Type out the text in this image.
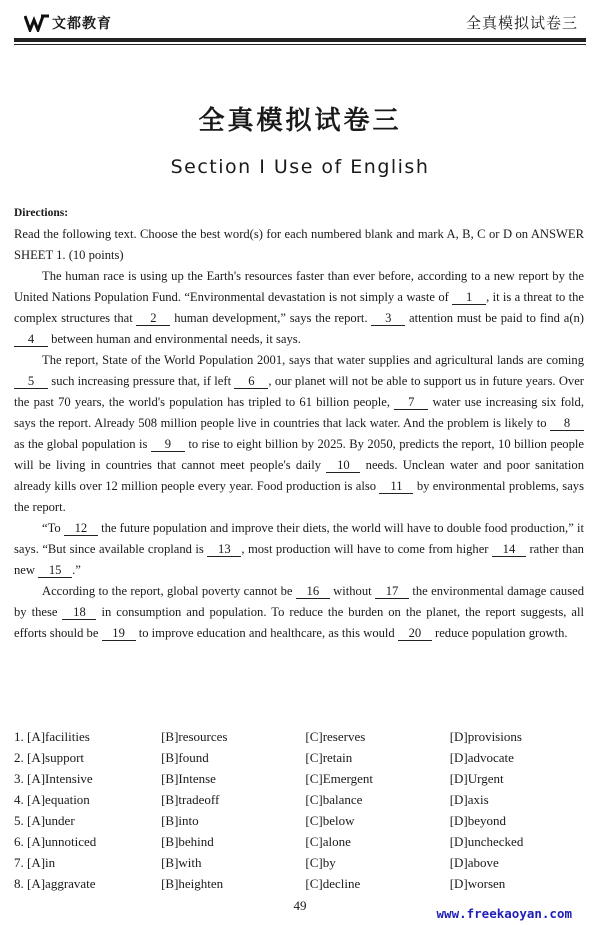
文都教育	全真模拟试卷三
全真模拟试卷三
Section I Use of English

Directions:

Read the following text. Choose the best word(s) for each numbered blank and mark A, B, C or D on ANSWER SHEET 1. (10 points)

The human race is using up the Earth's resources faster than ever before, according to a new report by the United Nations Population Fund. “Environmental devastation is not simply a waste of 1 , it is a threat to the complex structures that 2 human development,” says the report. 3 attention must be paid to find a(n) 4 between human and environmental needs, it says.

The report, State of the World Population 2001, says that water supplies and agricultural lands are coming 5 such increasing pressure that, if left 6 , our planet will not be able to support us in future years. Over the past 70 years, the world's population has tripled to 61 billion people, 7 water use increasing six fold, says the report. Already 508 million people live in countries that lack water. And the problem is likely to 8 as the global population is 9 to rise to eight billion by 2025. By 2050, predicts the report, 10 billion people will be living in countries that cannot meet people's daily 10 needs. Unclean water and poor sanitation already kills over 12 million people every year. Food production is also 11 by environmental problems, says the report.

“To 12 the future population and improve their diets, the world will have to double food production,” it says. “But since available cropland is 13 , most production will have to come from higher 14 rather than new 15 .”

According to the report, global poverty cannot be 16 without 17 the environmental damage caused by these 18 in consumption and population. To reduce the burden on the planet, the report suggests, all efforts should be 19 to improve education and healthcare, as this would 20 reduce population growth.

1. [A]facilities	[B]resources	[C]reserves	[D]provisions
2. [A]support	[B]found	[C]retain	[D]advocate
3. [A]Intensive	[B]Intense	[C]Emergent	[D]Urgent
4. [A]equation	[B]tradeoff	[C]balance	[D]axis
5. [A]under	[B]into	[C]below	[D]beyond
6. [A]unnoticed	[B]behind	[C]alone	[D]unchecked
7. [A]in	[B]with	[C]by	[D]above
8. [A]aggravate	[B]heighten	[C]decline	[D]worsen
49
www.freekaoyan.com
